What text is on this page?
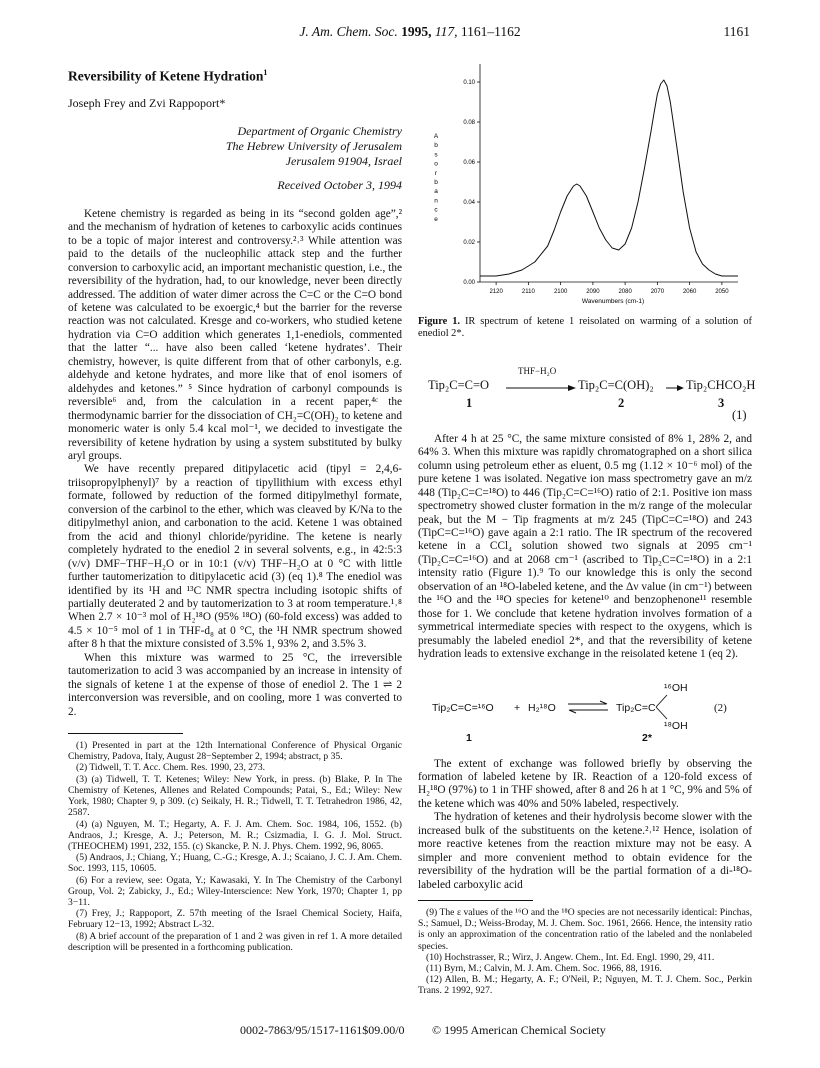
J. Am. Chem. Soc. 1995, 117, 1161–1162	1161
Reversibility of Ketene Hydration$^1$
Joseph Frey and Zvi Rappoport*
Department of Organic Chemistry
The Hebrew University of Jerusalem
Jerusalem 91904, Israel
Received October 3, 1994

Ketene chemistry is regarded as being in its “second golden age”,² and the mechanism of hydration of ketenes to carboxylic acids continues to be a topic of major interest and controversy.²˒³ While attention was paid to the details of the nucleophilic attack step and the further conversion to carboxylic acid, an important mechanistic question, i.e., the reversibility of the hydration, had, to our knowledge, never been directly addressed. The addition of water dimer across the C=C or the C=O bond of ketene was calculated to be exoergic,⁴ but the barrier for the reverse reaction was not calculated. Kresge and co-workers, who studied ketene hydration via C=O addition which generates 1,1-enediols, commented that the latter “... have also been called ‘ketene hydrates’. Their chemistry, however, is quite different from that of other carbonyls, e.g. aldehyde and ketone hydrates, and more like that of enol isomers of aldehydes and ketones.” ⁵ Since hydration of carbonyl compounds is reversible⁶ and, from the calculation in a recent paper,⁴ᶜ the thermodynamic barrier for the dissociation of CH₂=C(OH)₂ to ketene and monomeric water is only 5.4 kcal mol⁻¹, we decided to investigate the reversibility of ketene hydration by using a system substituted by bulky aryl groups.

We have recently prepared ditipylacetic acid (tipyl = 2,4,6-triisopropylphenyl)⁷ by a reaction of tipyllithium with excess ethyl formate, followed by reduction of the formed ditipylmethyl formate, conversion of the carbinol to the ether, which was cleaved by K/Na to the ditipylmethyl anion, and carbonation to the acid. Ketene 1 was obtained from the acid and thionyl chloride/pyridine. The ketene is nearly completely hydrated to the enediol 2 in several solvents, e.g., in 42:5:3 (v/v) DMF−THF−H₂O or in 10:1 (v/v) THF−H₂O at 0 °C with little further tautomerization to ditipylacetic acid (3) (eq 1).⁸ The enediol was identified by its ¹H and ¹³C NMR spectra including isotopic shifts of partially deuterated 2 and by tautomerization to 3 at room temperature.¹˒⁸ When 2.7 × 10⁻³ mol of H₂¹⁸O (95% ¹⁸O) (60-fold excess) was added to 4.5 × 10⁻⁵ mol of 1 in THF-d₈ at 0 °C, the ¹H NMR spectrum showed after 8 h that the mixture consisted of 3.5% 1, 93% 2, and 3.5% 3.

When this mixture was warmed to 25 °C, the irreversible tautomerization to acid 3 was accompanied by an increase in intensity of the signals of ketene 1 at the expense of those of enediol 2. The 1 ⇌ 2 interconversion was reversible, and on cooling, more 1 was converted to 2.

(1) Presented in part at the 12th International Conference of Physical Organic Chemistry, Padova, Italy, August 28−September 2, 1994; abstract, p 35.

(2) Tidwell, T. T. Acc. Chem. Res. 1990, 23, 273.

(3) (a) Tidwell, T. T. Ketenes; Wiley: New York, in press. (b) Blake, P. In The Chemistry of Ketenes, Allenes and Related Compounds; Patai, S., Ed.; Wiley: New York, 1980; Chapter 9, p 309. (c) Seikaly, H. R.; Tidwell, T. T. Tetrahedron 1986, 42, 2587.

(4) (a) Nguyen, M. T.; Hegarty, A. F. J. Am. Chem. Soc. 1984, 106, 1552. (b) Andraos, J.; Kresge, A. J.; Peterson, M. R.; Csizmadia, I. G. J. Mol. Struct. (THEOCHEM) 1991, 232, 155. (c) Skancke, P. N. J. Phys. Chem. 1992, 96, 8065.

(5) Andraos, J.; Chiang, Y.; Huang, C.-G.; Kresge, A. J.; Scaiano, J. C. J. Am. Chem. Soc. 1993, 115, 10605.

(6) For a review, see: Ogata, Y.; Kawasaki, Y. In The Chemistry of the Carbonyl Group, Vol. 2; Zabicky, J., Ed.; Wiley-Interscience: New York, 1970; Chapter 1, pp 3−11.

(7) Frey, J.; Rappoport, Z. 57th meeting of the Israel Chemical Society, Haifa, February 12−13, 1992; Abstract L-32.

(8) A brief account of the preparation of 1 and 2 was given in ref 1. A more detailed description will be presented in a forthcoming publication.

A
b
s
o
r
b
a
n
c
e
0.00
0.02
0.04
0.06
0.08
0.10
2120	2110	2100	2090	2080	2070	2060	2050
Wavenumbers (cm-1)
Figure 1. IR spectrum of ketene 1 reisolated on warming of a solution of enediol 2*.
Tip₂C=C=O
THF−H₂O
Tip₂C=C(OH)₂	Tip₂CHCO₂H
1	2	3
(1)

After 4 h at 25 °C, the same mixture consisted of 8% 1, 28% 2, and 64% 3. When this mixture was rapidly chromatographed on a short silica column using petroleum ether as eluent, 0.5 mg (1.12 × 10⁻⁶ mol) of the pure ketene 1 was isolated. Negative ion mass spectrometry gave an m/z 448 (Tip₂C=C=¹⁸O) to 446 (Tip₂C=C=¹⁶O) ratio of 2:1. Positive ion mass spectrometry showed cluster formation in the m/z range of the molecular peak, but the M − Tip fragments at m/z 245 (TipC=C=¹⁸O) and 243 (TipC=C=¹⁶O) gave again a 2:1 ratio. The IR spectrum of the recovered ketene in a CCl₄ solution showed two signals at 2095 cm⁻¹ (Tip₂C=C=¹⁶O) and at 2068 cm⁻¹ (ascribed to Tip₂C=C=¹⁸O) in a 2:1 intensity ratio (Figure 1).⁹ To our knowledge this is only the second observation of an ¹⁸O-labeled ketene, and the Δν value (in cm⁻¹) between the ¹⁶O and the ¹⁸O species for ketene¹⁰ and benzophenone¹¹ resemble those for 1. We conclude that ketene hydration involves formation of a symmetrical intermediate species with respect to the oxygens, which is presumably the labeled enediol 2*, and that the reversibility of ketene hydration leads to extensive exchange in the reisolated ketene 1 (eq 2).

Tip₂C=C=¹⁶O + H₂¹⁸O	Tip₂C=C
¹⁶OH
¹⁸OH
(2)
1	2*

The extent of exchange was followed briefly by observing the formation of labeled ketene by IR. Reaction of a 120-fold excess of H₂¹⁸O (97%) to 1 in THF showed, after 8 and 26 h at 1 °C, 9% and 5% of the ketene which was 40% and 50% labeled, respectively.

The hydration of ketenes and their hydrolysis become slower with the increased bulk of the substituents on the ketene.²˒¹² Hence, isolation of more reactive ketenes from the reaction mixture may not be easy. A simpler and more convenient method to obtain evidence for the reversibility of the hydration will be the partial formation of a di-¹⁸O-labeled carboxylic acid

(9) The ε values of the ¹⁶O and the ¹⁸O species are not necessarily identical: Pinchas, S.; Samuel, D.; Weiss-Broday, M. J. Chem. Soc. 1961, 2666. Hence, the intensity ratio is only an approximation of the concentration ratio of the labeled and the nonlabeled species.

(10) Hochstrasser, R.; Wirz, J. Angew. Chem., Int. Ed. Engl. 1990, 29, 411.

(11) Byrn, M.; Calvin, M. J. Am. Chem. Soc. 1966, 88, 1916.

(12) Allen, B. M.; Hegarty, A. F.; O'Neil, P.; Nguyen, M. T. J. Chem. Soc., Perkin Trans. 2 1992, 927.

0002-7863/95/1517-1161$09.00/0 © 1995 American Chemical Society
